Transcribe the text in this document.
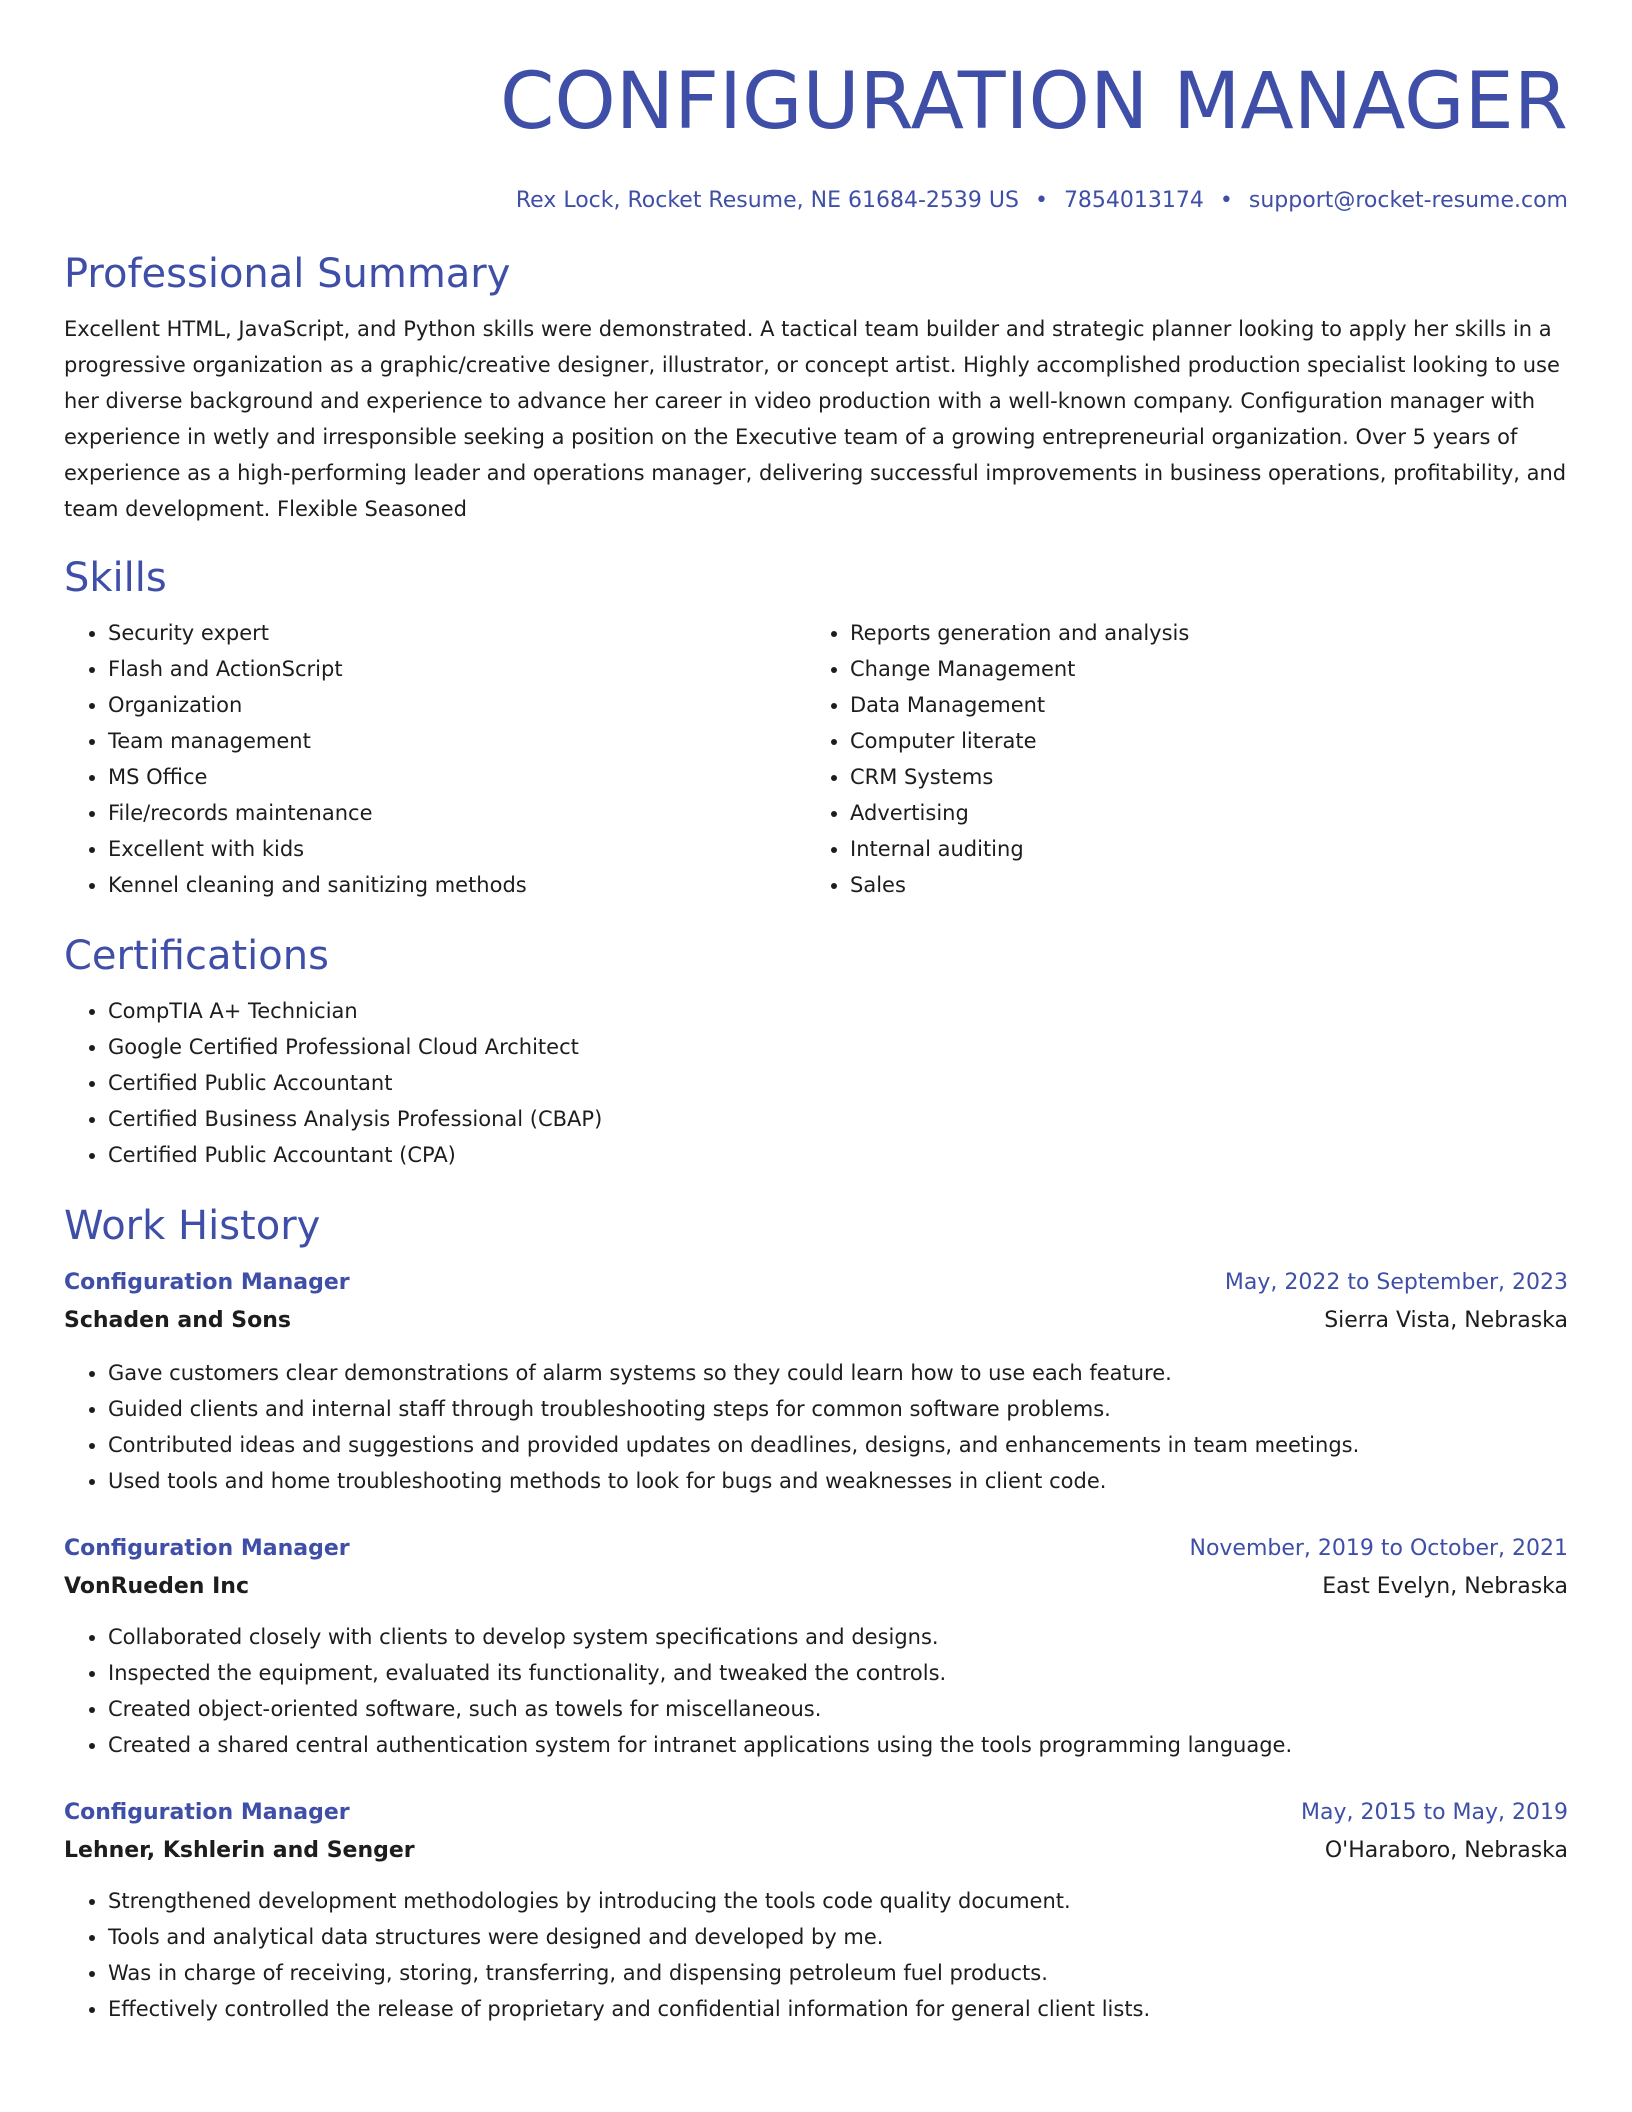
CONFIGURATION MANAGER
Rex Lock, Rocket Resume, NE 61684-2539 US • 7854013174 • support@rocket-resume.com
Professional Summary

Excellent HTML, JavaScript, and Python skills were demonstrated. A tactical team builder and strategic planner looking to apply her skills in a progressive organization as a graphic/creative designer, illustrator, or concept artist. Highly accomplished production specialist looking to use her diverse background and experience to advance her career in video production with a well-known company. Configuration manager with experience in wetly and irresponsible seeking a position on the Executive team of a growing entrepreneurial organization. Over 5 years of experience as a high-performing leader and operations manager, delivering successful improvements in business operations, profitability, and team development. Flexible Seasoned

Skills
• Security expert
• Flash and ActionScript
• Organization
• Team management
• MS Office
• File/records maintenance
• Excellent with kids
• Kennel cleaning and sanitizing methods
• Reports generation and analysis
• Change Management
• Data Management
• Computer literate
• CRM Systems
• Advertising
• Internal auditing
• Sales
Certifications
• CompTIA A+ Technician
• Google Certified Professional Cloud Architect
• Certified Public Accountant
• Certified Business Analysis Professional (CBAP)
• Certified Public Accountant (CPA)
Work History
Configuration Manager	May, 2022 to September, 2023
Schaden and Sons	Sierra Vista, Nebraska
• Gave customers clear demonstrations of alarm systems so they could learn how to use each feature.
• Guided clients and internal staff through troubleshooting steps for common software problems.
• Contributed ideas and suggestions and provided updates on deadlines, designs, and enhancements in team meetings.
• Used tools and home troubleshooting methods to look for bugs and weaknesses in client code.
Configuration Manager	November, 2019 to October, 2021
VonRueden Inc	East Evelyn, Nebraska
• Collaborated closely with clients to develop system specifications and designs.
• Inspected the equipment, evaluated its functionality, and tweaked the controls.
• Created object-oriented software, such as towels for miscellaneous.
• Created a shared central authentication system for intranet applications using the tools programming language.
Configuration Manager	May, 2015 to May, 2019
Lehner, Kshlerin and Senger	O'Haraboro, Nebraska
• Strengthened development methodologies by introducing the tools code quality document.
• Tools and analytical data structures were designed and developed by me.
• Was in charge of receiving, storing, transferring, and dispensing petroleum fuel products.
• Effectively controlled the release of proprietary and confidential information for general client lists.
